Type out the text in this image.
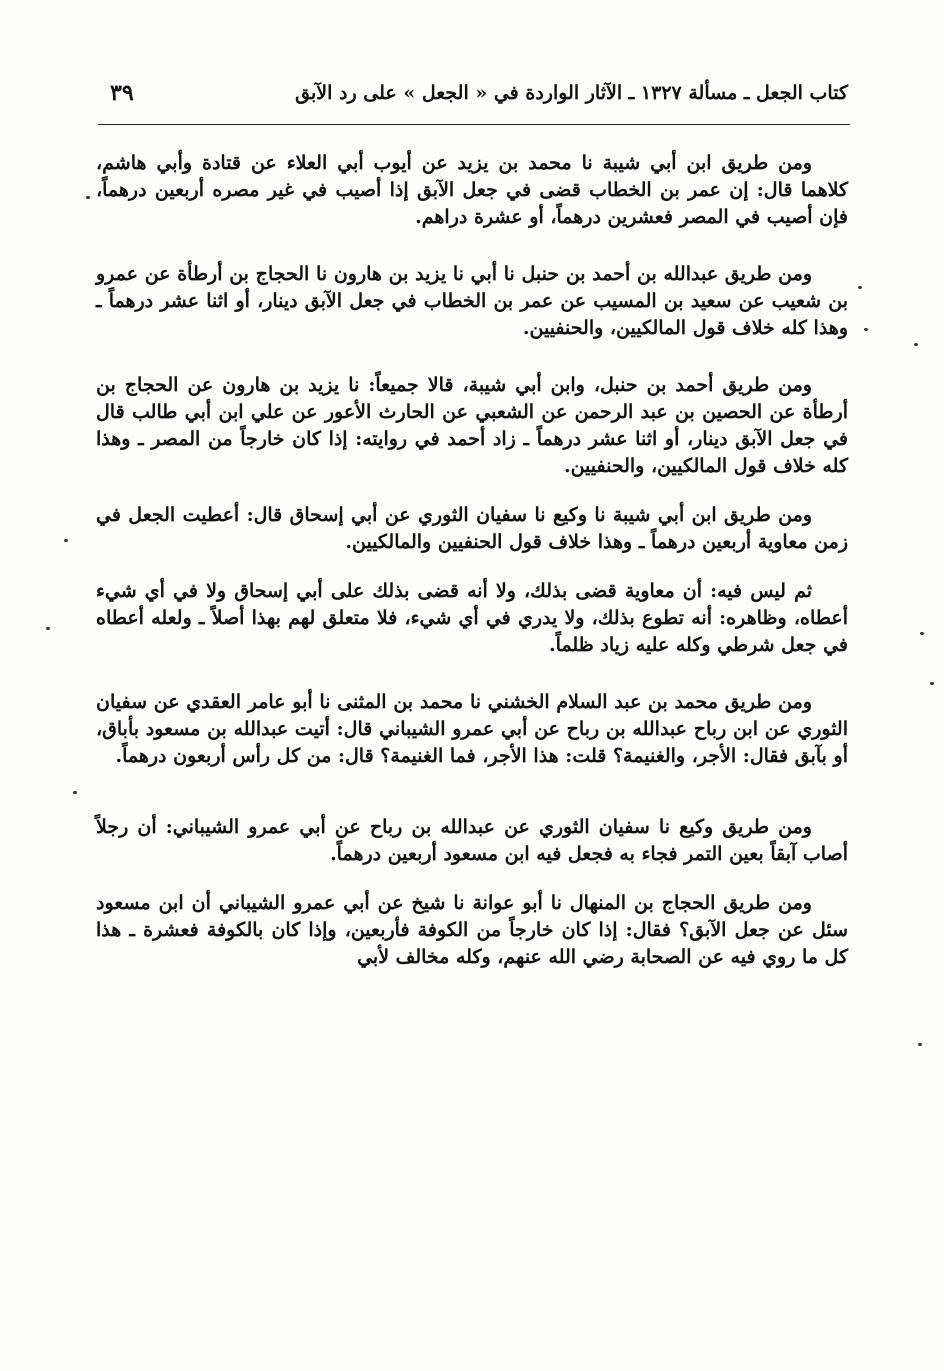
كتاب الجعل ـ مسألة ١٣٢٧ ـ الآثار الواردة في « الجعل » على رد الآبق
٣٩

ومن طريق ابن أبي شيبة نا محمد بن يزيد عن أيوب أبي العلاء عن قتادة وأبي هاشم، كلاهما قال: إن عمر بن الخطاب قضى في جعل الآبق إذا أصيب في غير مصره أربعين درهماً، فإن أصيب في المصر فعشرين درهماً، أو عشرة دراهم.

ومن طريق عبدالله بن أحمد بن حنبل نا أبي نا يزيد بن هارون نا الحجاج بن أرطأة عن عمرو بن شعيب عن سعيد بن المسيب عن عمر بن الخطاب في جعل الآبق دينار، أو اثنا عشر درهماً ـ وهذا كله خلاف قول المالكيين، والحنفيين.

ومن طريق أحمد بن حنبل، وابن أبي شيبة، قالا جميعاً: نا يزيد بن هارون عن الحجاج بن أرطأة عن الحصين بن عبد الرحمن عن الشعبي عن الحارث الأعور عن علي ابن أبي طالب قال في جعل الآبق دينار، أو اثنا عشر درهماً ـ زاد أحمد في روايته: إذا كان خارجاً من المصر ـ وهذا كله خلاف قول المالكيين، والحنفيين.

ومن طريق ابن أبي شيبة نا وكيع نا سفيان الثوري عن أبي إسحاق قال: أعطيت الجعل في زمن معاوية أربعين درهماً ـ وهذا خلاف قول الحنفيين والمالكيين.

ثم ليس فيه: أن معاوية قضى بذلك، ولا أنه قضى بذلك على أبي إسحاق ولا في أي شيء أعطاه، وظاهره: أنه تطوع بذلك، ولا يدري في أي شيء، فلا متعلق لهم بهذا أصلاً ـ ولعله أعطاه في جعل شرطي وكله عليه زياد ظلماً.

ومن طريق محمد بن عبد السلام الخشني نا محمد بن المثنى نا أبو عامر العقدي عن سفيان الثوري عن ابن رباح عبدالله بن رباح عن أبي عمرو الشيباني قال: أتيت عبدالله بن مسعود بأباق، أو بآبق فقال: الأجر، والغنيمة؟ قلت: هذا الأجر، فما الغنيمة؟ قال: من كل رأس أربعون درهماً.

ومن طريق وكيع نا سفيان الثوري عن عبدالله بن رباح عن أبي عمرو الشيباني: أن رجلاً أصاب آبقاً بعين التمر فجاء به فجعل فيه ابن مسعود أربعين درهماً.

ومن طريق الحجاج بن المنهال نا أبو عوانة نا شيخ عن أبي عمرو الشيباني أن ابن مسعود سئل عن جعل الآبق؟ فقال: إذا كان خارجاً من الكوفة فأربعين، وإذا كان بالكوفة فعشرة ـ هذا كل ما روي فيه عن الصحابة رضي الله عنهم، وكله مخالف لأبي
